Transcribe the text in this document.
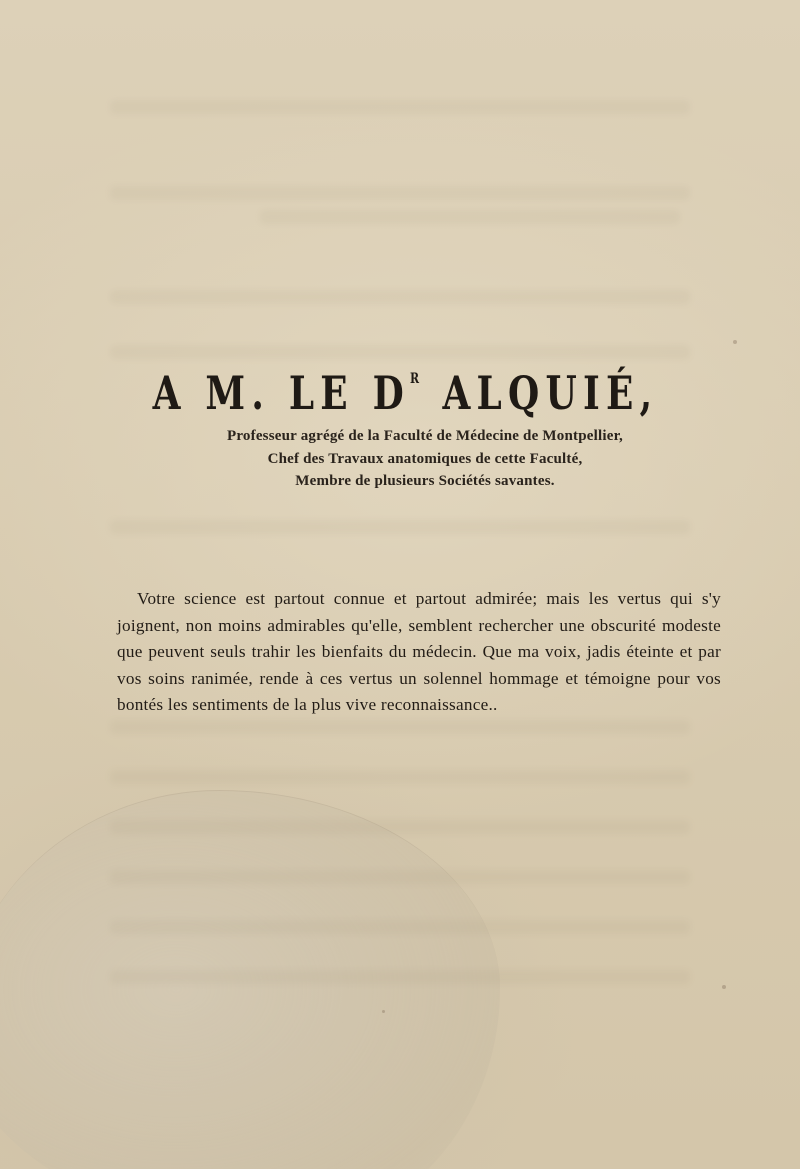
A M. LE $D^R$ ALQUIÉ,
Professeur agrégé de la Faculté de Médecine de Montpellier,
Chef des Travaux anatomiques de cette Faculté,
Membre de plusieurs Sociétés savantes.

Votre science est partout connue et partout admirée; mais les vertus qui s'y joignent, non moins admirables qu'elle, semblent rechercher une obscurité modeste que peuvent seuls trahir les bienfaits du médecin. Que ma voix, jadis éteinte et par vos soins ranimée, rende à ces vertus un solennel hommage et témoigne pour vos bontés les sentiments de la plus vive reconnaissance..
